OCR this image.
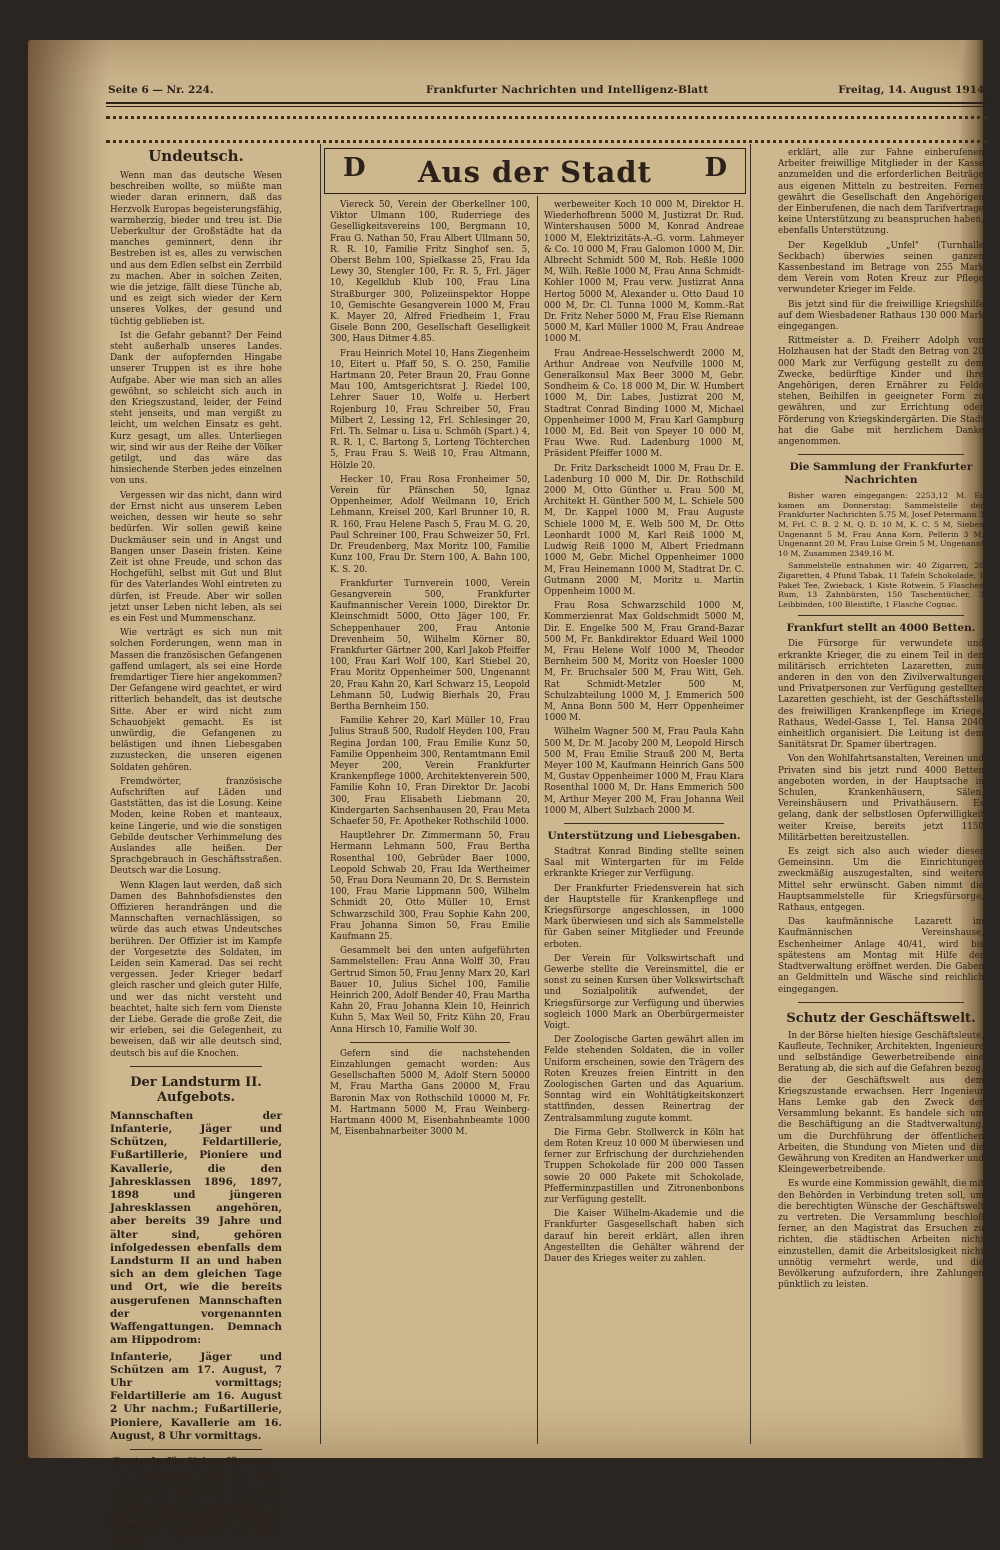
Seite 6 — Nr. 224.	Frankfurter Nachrichten und Intelligenz-Blatt	Freitag, 14. August 1914.
D	Aus der Stadt	D
Undeutsch.

Wenn man das deutsche Wesen beschreiben wollte, so müßte man wieder daran erinnern, daß das Herzvolk Europas begeisterungsfähig, warmherzig, bieder und treu ist. Die Ueberkultur der Großstädte hat da manches geminnert, denn ihr Bestreben ist es, alles zu verwischen und aus dem Edlen selbst ein Zerrbild zu machen. Aber in solchen Zeiten, wie die jetzige, fällt diese Tünche ab, und es zeigt sich wieder der Kern unseres Volkes, der gesund und tüchtig geblieben ist.

Ist die Gefahr gebannt? Der Feind steht außerhalb unseres Landes. Dank der aufopfernden Hingabe unserer Truppen ist es ihre hohe Aufgabe. Aber wie man sich an alles gewöhnt, so schleicht sich auch in den Kriegszustand, leider, der Feind steht jenseits, und man vergißt zu leicht, um welchen Einsatz es geht. Kurz gesagt, um alles. Unterliegen wir, sind wir aus der Reihe der Völker getilgt, und das wäre das hinsiechende Sterben jedes einzelnen von uns.

Vergessen wir das nicht, dann wird der Ernst nicht aus unserem Leben weichen, dessen wir heute so sehr bedürfen. Wir sollen gewiß keine Duckmäuser sein und in Angst und Bangen unser Dasein fristen. Keine Zeit ist ohne Freude, und schon das Hochgefühl, selbst mit Gut und Blut für des Vaterlandes Wohl eintreten zu dürfen, ist Freude. Aber wir sollen jetzt unser Leben nicht leben, als sei es ein Fest und Mummenschanz.

Wie verträgt es sich nun mit solchen Forderungen, wenn man in Massen die französischen Gefangenen gaffend umlagert, als sei eine Horde fremdartiger Tiere hier angekommen? Der Gefangene wird geachtet, er wird ritterlich behandelt, das ist deutsche Sitte. Aber er wird nicht zum Schauobjekt gemacht. Es ist unwürdig, die Gefangenen zu belästigen und ihnen Liebesgaben zuzustecken, die unseren eigenen Soldaten gehören.

Fremdwörter, französische Aufschriften auf Läden und Gaststätten, das ist die Losung. Keine Moden, keine Roben et manteaux, keine Lingerie, und wie die sonstigen Gebilde deutscher Verhimmelung des Auslandes alle heißen. Der Sprachgebrauch in Geschäftsstraßen. Deutsch war die Losung.

Wenn Klagen laut werden, daß sich Damen des Bahnhofsdienstes den Offizieren herandrängen und die Mannschaften vernachlässigen, so würde das auch etwas Undeutsches berühren. Der Offizier ist im Kampfe der Vorgesetzte des Soldaten, im Leiden sein Kamerad. Das sei recht vergessen. Jeder Krieger bedarf gleich rascher und gleich guter Hilfe, und wer das nicht versteht und beachtet, halte sich fern vom Dienste der Liebe. Gerade die große Zeit, die wir erleben, sei die Gelegenheit, zu beweisen, daß wir alle deutsch sind, deutsch bis auf die Knochen.

Der Landsturm II. Aufgebots.

Mannschaften der Infanterie, Jäger und Schützen, Feldartillerie, Fußartillerie, Pioniere und Kavallerie, die den Jahresklassen 1896, 1897, 1898 und jüngeren Jahresklassen angehören, aber bereits 39 Jahre und älter sind, gehören infolgedessen ebenfalls dem Landsturm II an und haben sich an dem gleichen Tage und Ort, wie die bereits ausgerufenen Mannschaften der vorgenannten Waffengattungen. Demnach am Hippodrom:

Infanterie, Jäger und Schützen am 17. August, 7 Uhr vormittags; Feldartillerie am 16. August 2 Uhr nachm.; Fußartillerie, Pioniere, Kavallerie am 16. August, 8 Uhr vormittags.

Zentrale für Kriegsfürsorge.

An Geldspenden gingen ein: Müller —.60 M, Jakob Weißberger 1, K. B. 5, Frau Leopold 50, Wund 10, Stammtisch Kronlocherheim im Restaurant Bund 15, Ludwig 30, Joseph Brunner 5, Stammtisch Reichsadler 20, Rudolf Kühn 3, Zentral-Sparkasse 6, Julia Morhard —.60, Lehrer Fehle 10.

Viereck 50, Verein der Oberkellner 100, Viktor Ulmann 100, Ruderriege des Geselligkeitsvereins 100, Bergmann 10, Frau G. Nathan 50, Frau Albert Ullmann 50, R. R. 10, Familie Fritz Singhof sen. 5, Oberst Behm 100, Spielkasse 25, Frau Ida Lewy 30, Stengler 100, Fr. R. 5, Frl. Jäger 10, Kegelklub Klub 100, Frau Lina Straßburger 300, Polizeiinspektor Hoppe 10, Gemischte Gesangverein 1000 M, Frau K. Mayer 20, Alfred Friedheim 1, Frau Gisele Bonn 200, Gesellschaft Geselligkeit 300, Haus Ditmer 4.85.

Frau Heinrich Motel 10, Hans Ziegenheim 10, Eitert u. Pfaff 50, S. O. 250, Familie Hartmann 20, Peter Braun 20, Frau Gonne Mau 100, Amtsgerichtsrat J. Riedel 100, Lehrer Sauer 10, Wolfe u. Herbert Rojenburg 10, Frau Schreiber 50, Frau Milbert 2, Lessing 12, Frl. Schlesinger 20, Frl. Th. Selmar u. Lisa u. Schmöh (Spart.) 4, R. R. 1, C. Bartong 5, Lorteng Töchterchen 5, Frau Frau S. Weiß 10, Frau Altmann, Hölzle 20.

Hecker 10, Frau Rosa Fronheimer 50, Verein für Pfänschen 50, Ignaz Oppenheimer, Adolf Weilmann 10, Erich Lehmann, Kreisel 200, Karl Brunner 10, R. R. 160, Frau Helene Pasch 5, Frau M. G. 20, Paul Schreiner 100, Frau Schweizer 50, Frl. Dr. Freudenberg, Max Moritz 100, Familie Kunz 100, Frau Dr. Stern 100, A. Bahn 100, K. S. 20.

Frankfurter Turnverein 1000, Verein Gesangverein 500, Frankfurter Kaufmannischer Verein 1000, Direktor Dr. Kleinschmidt 5000, Otto Jäger 100, Fr. Scheppenhauer 200, Frau Antonie Drevenheim 50, Wilhelm Körner 80, Frankfurter Gärtner 200, Karl Jakob Pfeiffer 100, Frau Karl Wolf 100, Karl Stiebel 20, Frau Moritz Oppenheimer 500, Ungenannt 20, Frau Kahn 20, Karl Schwarz 15, Leopold Lehmann 50, Ludwig Bierhals 20, Frau Bertha Bernheim 150.

Familie Kehrer 20, Karl Müller 10, Frau Julius Strauß 500, Rudolf Heyden 100, Frau Regina Jordan 100, Frau Emilie Kunz 50, Familie Oppenheim 300, Rentamtmann Emil Meyer 200, Verein Frankfurter Krankenpflege 1000, Architektenverein 500, Familie Kohn 10, Fran Direktor Dr. Jacobi 300, Frau Elisabeth Liebmann 20, Kindergarten Sachsenhausen 20, Frau Meta Schaefer 50, Fr. Apotheker Rothschild 1000.

Hauptlehrer Dr. Zimmermann 50, Frau Hermann Lehmann 500, Frau Bertha Rosenthal 100, Gebrüder Baer 1000, Leopold Schwab 20, Frau Ida Wertheimer 50, Frau Dora Neumann 20, Dr. S. Bernstein 100, Frau Marie Lippmann 500, Wilhelm Schmidt 20, Otto Müller 10, Ernst Schwarzschild 300, Frau Sophie Kahn 200, Frau Johanna Simon 50, Frau Emilie Kaufmann 25.

Gesammelt bei den unten aufgeführten Sammelstellen: Frau Anna Wolff 30, Frau Gertrud Simon 50, Frau Jenny Marx 20, Karl Bauer 10, Julius Sichel 100, Familie Heinrich 200, Adolf Bender 40, Frau Martha Kahn 20, Frau Johanna Klein 10, Heinrich Kuhn 5, Max Weil 50, Fritz Kühn 20, Frau Anna Hirsch 10, Familie Wolf 30.

Gefern sind die nachstehenden Einzahlungen gemacht worden: Aus Gesellschaften 5000 M, Adolf Stern 50000 M, Frau Martha Gans 20000 M, Frau Baronin Max von Rothschild 10000 M, Fr. M. Hartmann 5000 M, Frau Weinberg-Hartmann 4000 M, Eisenbahnbeamte 1000 M, Eisenbahnarbeiter 3000 M.

werbeweiter Koch 10 000 M, Direktor H. Wiederhofbrenn 5000 M, Justizrat Dr. Rud. Wintershausen 5000 M, Konrad Andreae 1000 M, Elektrizitäts-A.-G. vorm. Lahmeyer & Co. 10 000 M, Frau Galomon 1000 M, Dir. Albrecht Schmidt 500 M, Rob. Heßle 1000 M, Wilh. Reßle 1000 M, Frau Anna Schmidt-Kohler 1000 M, Frau verw. Justizrat Anna Hertog 5000 M, Alexander u. Otto Daud 10 000 M, Dr. Cl. Tunna 1000 M, Komm.-Rat Dr. Fritz Neher 5000 M, Frau Else Riemann 5000 M, Karl Müller 1000 M, Frau Andreae 1000 M.

Frau Andreae-Hesselschwerdt 2000 M, Arthur Andreae von Neufville 1000 M, Generalkonsul Max Beer 3000 M, Gebr. Sondheim & Co. 18 000 M, Dir. W. Humbert 1000 M, Dir. Labes, Justizrat 200 M, Stadtrat Conrad Binding 1000 M, Michael Oppenheimer 1000 M, Frau Karl Gampburg 1000 M, Ed. Beit von Speyer 10 000 M, Frau Wwe. Rud. Ladenburg 1000 M, Präsident Pfeiffer 1000 M.

Dr. Fritz Darkscheidt 1000 M, Frau Dr. E. Ladenburg 10 000 M, Dir. Dr. Rothschild 2000 M, Otto Günther u. Frau 500 M, Architekt H. Günther 500 M, L. Schiele 500 M, Dr. Kappel 1000 M, Frau Auguste Schiele 1000 M, E. Welb 500 M, Dr. Otto Leonhardt 1000 M, Karl Reiß 1000 M, Ludwig Reiß 1000 M, Albert Friedmann 1000 M, Gebr. Michel Oppenheimer 1000 M, Frau Heinemann 1000 M, Stadtrat Dr. C. Gutmann 2000 M, Moritz u. Martin Oppenheim 1000 M.

Frau Rosa Schwarzschild 1000 M, Kommerzienrat Max Goldschmidt 5000 M, Dir. E. Engelke 500 M, Frau Grand-Bazar 500 M, Fr. Bankdirektor Eduard Weil 1000 M, Frau Helene Wolf 1000 M, Theodor Bernheim 500 M, Moritz von Hoesler 1000 M, Fr. Bruchsaler 500 M, Frau Witt, Geh. Rat Schmidt-Metzler 500 M, Schulzabteilung 1000 M, J. Emmerich 500 M, Anna Bonn 500 M, Herr Oppenheimer 1000 M.

Wilhelm Wagner 500 M, Frau Paula Kahn 500 M, Dr. M. Jacoby 200 M, Leopold Hirsch 500 M, Frau Emilie Strauß 200 M, Berta Meyer 100 M, Kaufmann Heinrich Gans 500 M, Gustav Oppenheimer 1000 M, Frau Klara Rosenthal 1000 M, Dr. Hans Emmerich 500 M, Arthur Meyer 200 M, Frau Johanna Weil 1000 M, Albert Sulzbach 2000 M.

Unterstützung und Liebesgaben.

Stadtrat Konrad Binding stellte seinen Saal mit Wintergarten für im Felde erkrankte Krieger zur Verfügung.

Der Frankfurter Friedensverein hat sich der Hauptstelle für Krankenpflege und Kriegsfürsorge angeschlossen, in 1000 Mark überwiesen und sich als Sammelstelle für Gaben seiner Mitglieder und Freunde erboten.

Der Verein für Volkswirtschaft und Gewerbe stellte die Vereinsmittel, die er sonst zu seinen Kursen über Volkswirtschaft und Sozialpolitik aufwendet, der Kriegsfürsorge zur Verfügung und überwies sogleich 1000 Mark an Oberbürgermeister Voigt.

Der Zoologische Garten gewährt allen im Felde stehenden Soldaten, die in voller Uniform erscheinen, sowie den Trägern des Roten Kreuzes freien Eintritt in den Zoologischen Garten und das Aquarium. Sonntag wird ein Wohltätigkeitskonzert stattfinden, dessen Reinertrag der Zentralsammlung zugute kommt.

Die Firma Gebr. Stollwerck in Köln hat dem Roten Kreuz 10 000 M überwiesen und ferner zur Erfrischung der durchziehenden Truppen Schokolade für 200 000 Tassen sowie 20 000 Pakete mit Schokolade, Pfefferminzpastillen und Zitronenbonbons zur Verfügung gestellt.

Die Kaiser Wilhelm-Akademie und die Frankfurter Gasgesellschaft haben sich darauf hin bereit erklärt, allen ihren Angestellten die Gehälter während der Dauer des Krieges weiter zu zahlen.

erklärt, alle zur Fahne einberufenen Arbeiter freiwillige Mitglieder in der Kasse anzumelden und die erforderlichen Beiträge aus eigenen Mitteln zu bestreiten. Ferner gewährt die Gesellschaft den Angehörigen der Einberufenen, die nach dem Tarifvertrage keine Unterstützung zu beanspruchen haben, ebenfalls Unterstützung.

Der Kegelklub „Unfel" (Turnhalle Seckbach) überwies seinen ganzen Kassenbestand im Betrage von 255 Mark dem Verein vom Roten Kreuz zur Pflege verwundeter Krieger im Felde.

Bis jetzt sind für die freiwillige Kriegshilfe auf dem Wiesbadener Rathaus 130 000 Mark eingegangen.

Rittmeister a. D. Freiherr Adolph von Holzhausen hat der Stadt den Betrag von 20 000 Mark zur Verfügung gestellt zu dem Zwecke, bedürftige Kinder und ihre Angehörigen, deren Ernährer zu Felde stehen, Beihilfen in geeigneter Form zu gewähren, und zur Errichtung oder Förderung von Kriegskindergärten. Die Stadt hat die Gabe mit herzlichem Danke angenommen.

Die Sammlung der Frankfurter Nachrichten

Bisher waren eingegangen: 2253,12 M. Es kamen am Donnerstag: Sammelstelle der Frankfurter Nachrichten 5.75 M, Josef Petermann 3 M, Frl. C. B. 2 M, Q. D. 10 M, K. C. 5 M, Sieben Ungenannt 5 M, Frau Anna Korn, Pellerin 3 M, Ungenannt 20 M, Frau Luise Grein 5 M, Ungenannt 10 M, Zusammen 2349,16 M.

Sammelstelle entnahmen wir: 40 Zigarren, 20 Zigaretten, 4 Pfund Tabak, 11 Tafeln Schokolade, 1 Paket Tee, Zwieback, 1 Kiste Rotwein, 5 Flaschen Rum, 13 Zahnbürsten, 150 Taschentücher, 3 Leibbinden, 100 Bleistifte, 1 Flasche Cognac.

Frankfurt stellt an 4000 Betten.

Die Fürsorge für verwundete und erkrankte Krieger, die zu einem Teil in den militärisch errichteten Lazaretten, zum anderen in den von den Zivilverwaltungen und Privatpersonen zur Verfügung gestellten Lazaretten geschieht, ist der Geschäftsstelle des freiwilligen Krankenpflege im Kriege, Rathaus, Wedel-Gasse 1, Tel. Hansa 2040 einheitlich organisiert. Die Leitung ist dem Sanitätsrat Dr. Spamer übertragen.

Von den Wohlfahrtsanstalten, Vereinen und Privaten sind bis jetzt rund 4000 Betten angeboten worden, in der Hauptsache in Schulen, Krankenhäusern, Sälen, Vereinshäusern und Privathäusern. Es gelang, dank der selbstlosen Opferwilligkeit weiter Kreise, bereits jetzt 1150 Militärbetten bereitzustellen.

Es zeigt sich also auch wieder dieser Gemeinsinn. Um die Einrichtungen zweckmäßig auszugestalten, sind weitere Mittel sehr erwünscht. Gaben nimmt die Hauptsammelstelle für Kriegsfürsorge, Rathaus, entgegen.

Das kaufmännische Lazarett im Kaufmännischen Vereinshause, Eschenheimer Anlage 40/41, wird bis spätestens am Montag mit Hilfe der Stadtverwaltung eröffnet werden. Die Gaben an Geldmitteln und Wäsche sind reichlich eingegangen.

Schutz der Geschäftswelt.

In der Börse hielten hiesige Geschäftsleute, Kaufleute, Techniker, Architekten, Ingenieure und selbständige Gewerbetreibende eine Beratung ab, die sich auf die Gefahren bezog, die der Geschäftswelt aus dem Kriegszustande erwachsen. Herr Ingenieur Hans Lemke gab den Zweck der Versammlung bekannt. Es handele sich um die Beschäftigung an die Stadtverwaltung, um die Durchführung der öffentlichen Arbeiten, die Stundung von Mieten und die Gewährung von Krediten an Handwerker und Kleingewerbetreibende.

Es wurde eine Kommission gewählt, die mit den Behörden in Verbindung treten soll, um die berechtigten Wünsche der Geschäftswelt zu vertreten. Die Versammlung beschloß ferner, an den Magistrat das Ersuchen zu richten, die städtischen Arbeiten nicht einzustellen, damit die Arbeitslosigkeit nicht unnötig vermehrt werde, und die Bevölkerung aufzufordern, ihre Zahlungen pünktlich zu leisten.
